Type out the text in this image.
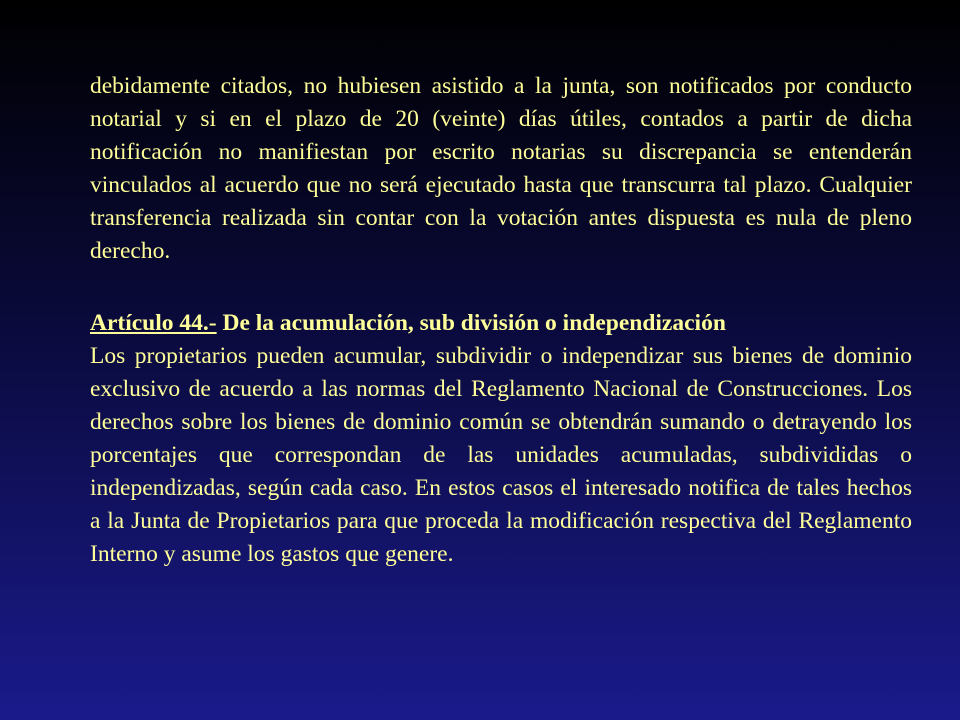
debidamente citados, no hubiesen asistido a la junta, son notificados por conducto notarial y si en el plazo de 20 (veinte) días útiles, contados a partir de dicha notificación no manifiestan por escrito notarias su discrepancia se entenderán vinculados al acuerdo que no será ejecutado hasta que transcurra tal plazo. Cualquier transferencia realizada sin contar con la votación antes dispuesta es nula de pleno derecho.

Artículo 44.- De la acumulación, sub división o independización

Los propietarios pueden acumular, subdividir o independizar sus bienes de dominio exclusivo de acuerdo a las normas del Reglamento Nacional de Construcciones. Los derechos sobre los bienes de dominio común se obtendrán sumando o detrayendo los porcentajes que correspondan de las unidades acumuladas, subdivididas o independizadas, según cada caso. En estos casos el interesado notifica de tales hechos a la Junta de Propietarios para que proceda la modificación respectiva del Reglamento Interno y asume los gastos que genere.
